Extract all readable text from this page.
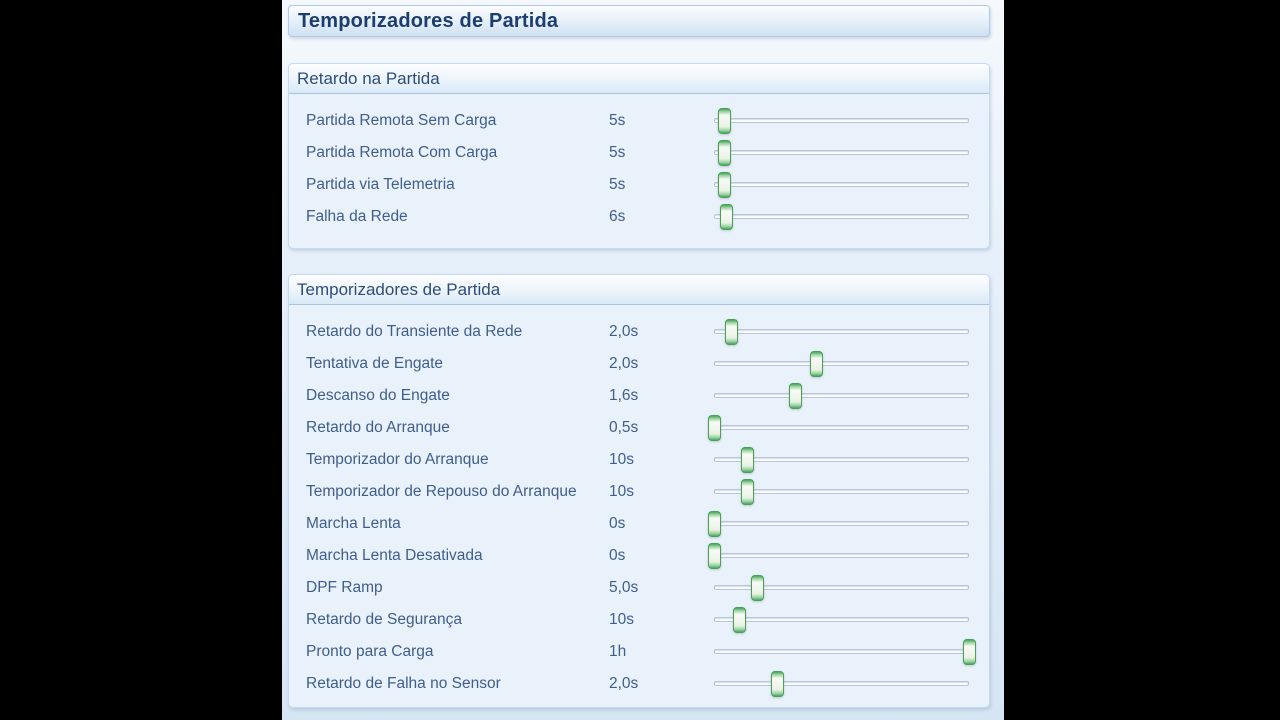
Temporizadores de Partida
Retardo na Partida
Partida Remota Sem Carga	5s
Partida Remota Com Carga	5s
Partida via Telemetria	5s
Falha da Rede	6s
Temporizadores de Partida
Retardo do Transiente da Rede	2,0s
Tentativa de Engate	2,0s
Descanso do Engate	1,6s
Retardo do Arranque	0,5s
Temporizador do Arranque	10s
Temporizador de Repouso do Arranque	10s
Marcha Lenta	0s
Marcha Lenta Desativada	0s
DPF Ramp	5,0s
Retardo de Segurança	10s
Pronto para Carga	1h
Retardo de Falha no Sensor	2,0s
